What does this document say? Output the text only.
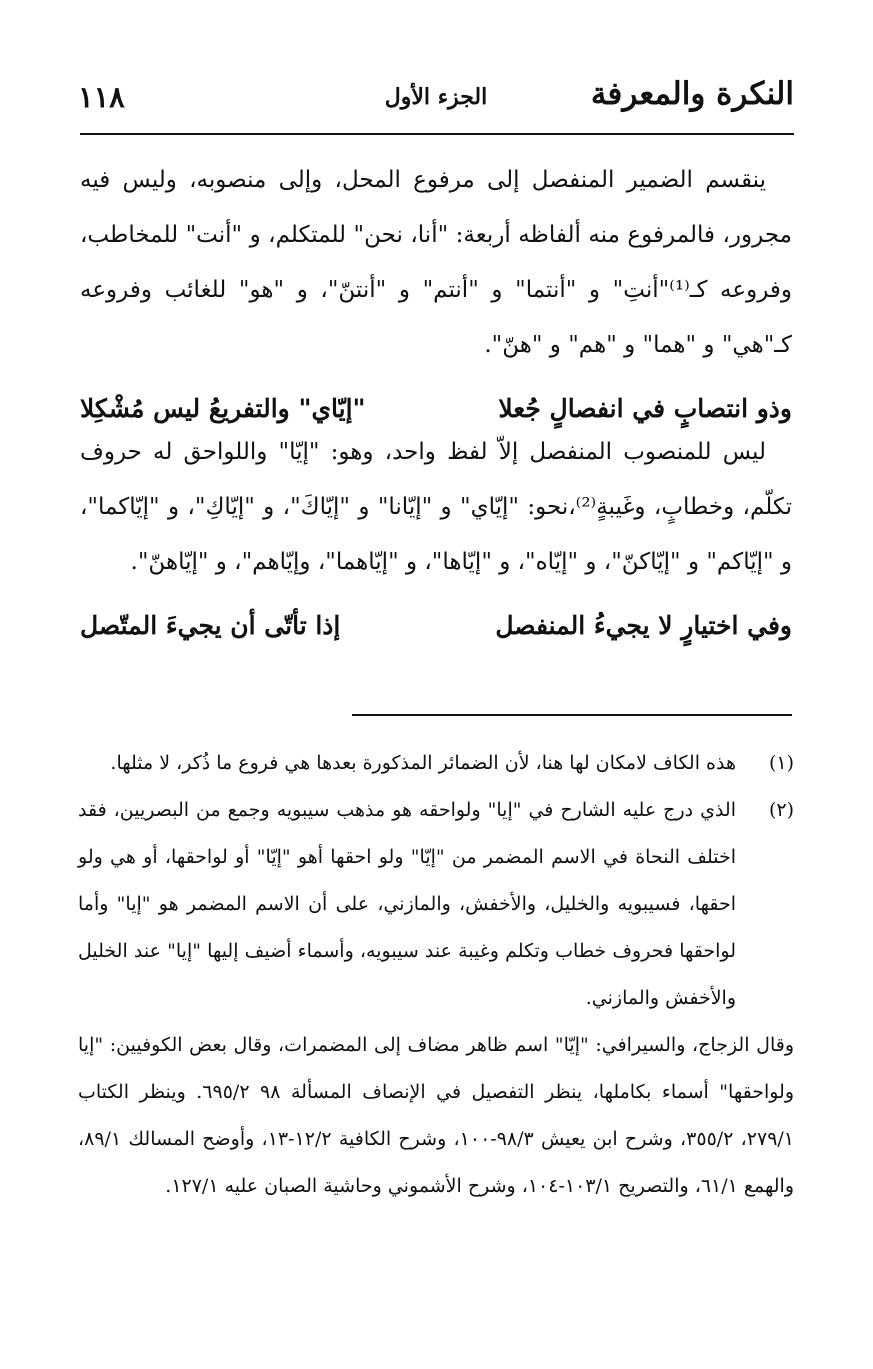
النكرة والمعرفة
الجزء الأول
١١٨

ينقسم الضمير المنفصل إلى مرفوع المحل، وإلى منصوبه، وليس فيه مجرور، فالمرفوع منه ألفاظه أربعة: "أنا، نحن" للمتكلم، و "أنت" للمخاطب، وفروعه كـ⁽¹⁾"أنتِ" و "أنتما" و "أنتم" و "أنتنّ"، و "هو" للغائب وفروعه كـ"هي" و "هما" و "هم" و "هنّ".

وذو انتصابٍ في انفصالٍ جُعلا
"إيّاي" والتفريعُ ليس مُشْكِلا

ليس للمنصوب المنفصل إلاّ لفظ واحد، وهو: "إيّا" واللواحق له حروف تكلّم، وخطابٍ، وغَيبةٍ⁽²⁾،نحو: "إيّاي" و "إيّانا" و "إيّاكَ"، و "إيّاكِ"، و "إيّاكما"، و "إيّاكم" و "إيّاكنّ"، و "إيّاه"، و "إيّاها"، و "إيّاهما"، وإيّاهم"، و "إيّاهنّ".

وفي اختيارٍ لا يجيءُ المنفصل
إذا تأتّى أن يجيءَ المتّصل
(١)
هذه الكاف لامكان لها هنا، لأن الضمائر المذكورة بعدها هي فروع ما ذُكر، لا مثلها.
(٢)
الذي درج عليه الشارح في "إيا" ولواحقه هو مذهب سيبويه وجمع من البصريين، فقد اختلف النحاة في الاسم المضمر من "إيّا" ولو احقها أهو "إيّا" أو لواحقها، أو هي ولو احقها، فسيبويه والخليل، والأخفش، والمازني، على أن الاسم المضمر هو "إيا" وأما لواحقها فحروف خطاب وتكلم وغيبة عند سيبويه، وأسماء أضيف إليها "إيا" عند الخليل والأخفش والمازني.

وقال الزجاج، والسيرافي: "إيّا" اسم ظاهر مضاف إلى المضمرات، وقال بعض الكوفيين: "إيا ولواحقها" أسماء بكاملها، ينظر التفصيل في الإنصاف المسألة ٩٨ ٦٩٥/٢. وينظر الكتاب ٢٧٩/١، ٣٥٥/٢، وشرح ابن يعيش ٩٨/٣-١٠٠، وشرح الكافية ١٢/٢-١٣، وأوضح المسالك ٨٩/١، والهمع ٦١/١، والتصريح ١٠٣/١-١٠٤، وشرح الأشموني وحاشية الصبان عليه ١٢٧/١.
